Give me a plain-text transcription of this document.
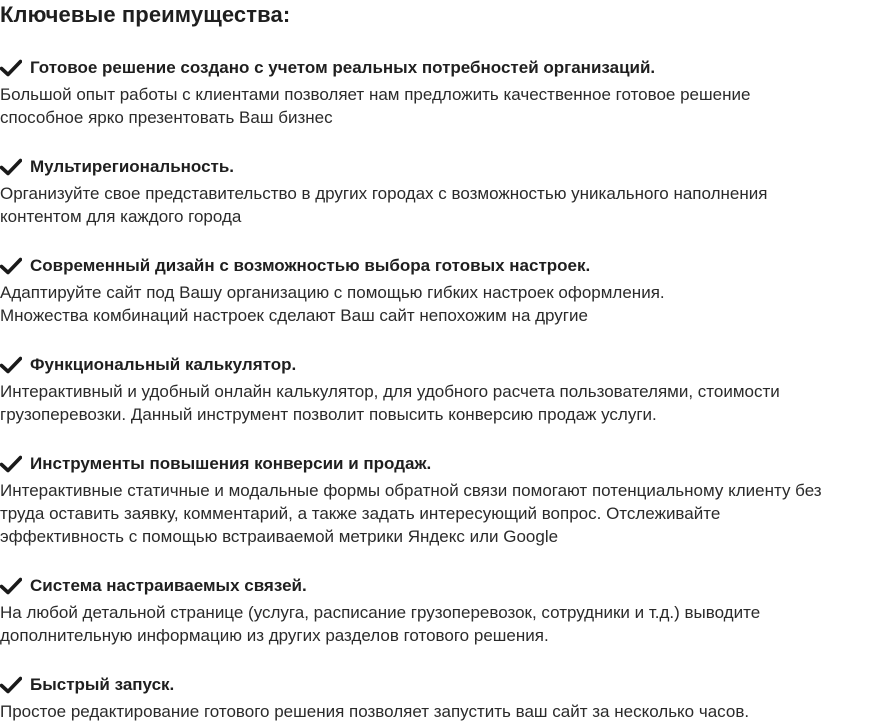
Ключевые преимущества:
Готовое решение создано с учетом реальных потребностей организаций.
Большой опыт работы с клиентами позволяет нам предложить качественное готовое решение
способное ярко презентовать Ваш бизнес
Мультирегиональность.
Организуйте свое представительство в других городах с возможностью уникального наполнения
контентом для каждого города
Современный дизайн с возможностью выбора готовых настроек.
Адаптируйте сайт под Вашу организацию с помощью гибких настроек оформления.
Множества комбинаций настроек сделают Ваш сайт непохожим на другие
Функциональный калькулятор.
Интерактивный и удобный онлайн калькулятор, для удобного расчета пользователями, стоимости
грузоперевозки. Данный инструмент позволит повысить конверсию продаж услуги.
Инструменты повышения конверсии и продаж.
Интерактивные статичные и модальные формы обратной связи помогают потенциальному клиенту без
труда оставить заявку, комментарий, а также задать интересующий вопрос. Отслеживайте
эффективность с помощью встраиваемой метрики Яндекс или Google
Система настраиваемых связей.
На любой детальной странице (услуга, расписание грузоперевозок, сотрудники и т.д.) выводите
дополнительную информацию из других разделов готового решения.
Быстрый запуск.
Простое редактирование готового решения позволяет запустить ваш сайт за несколько часов.
